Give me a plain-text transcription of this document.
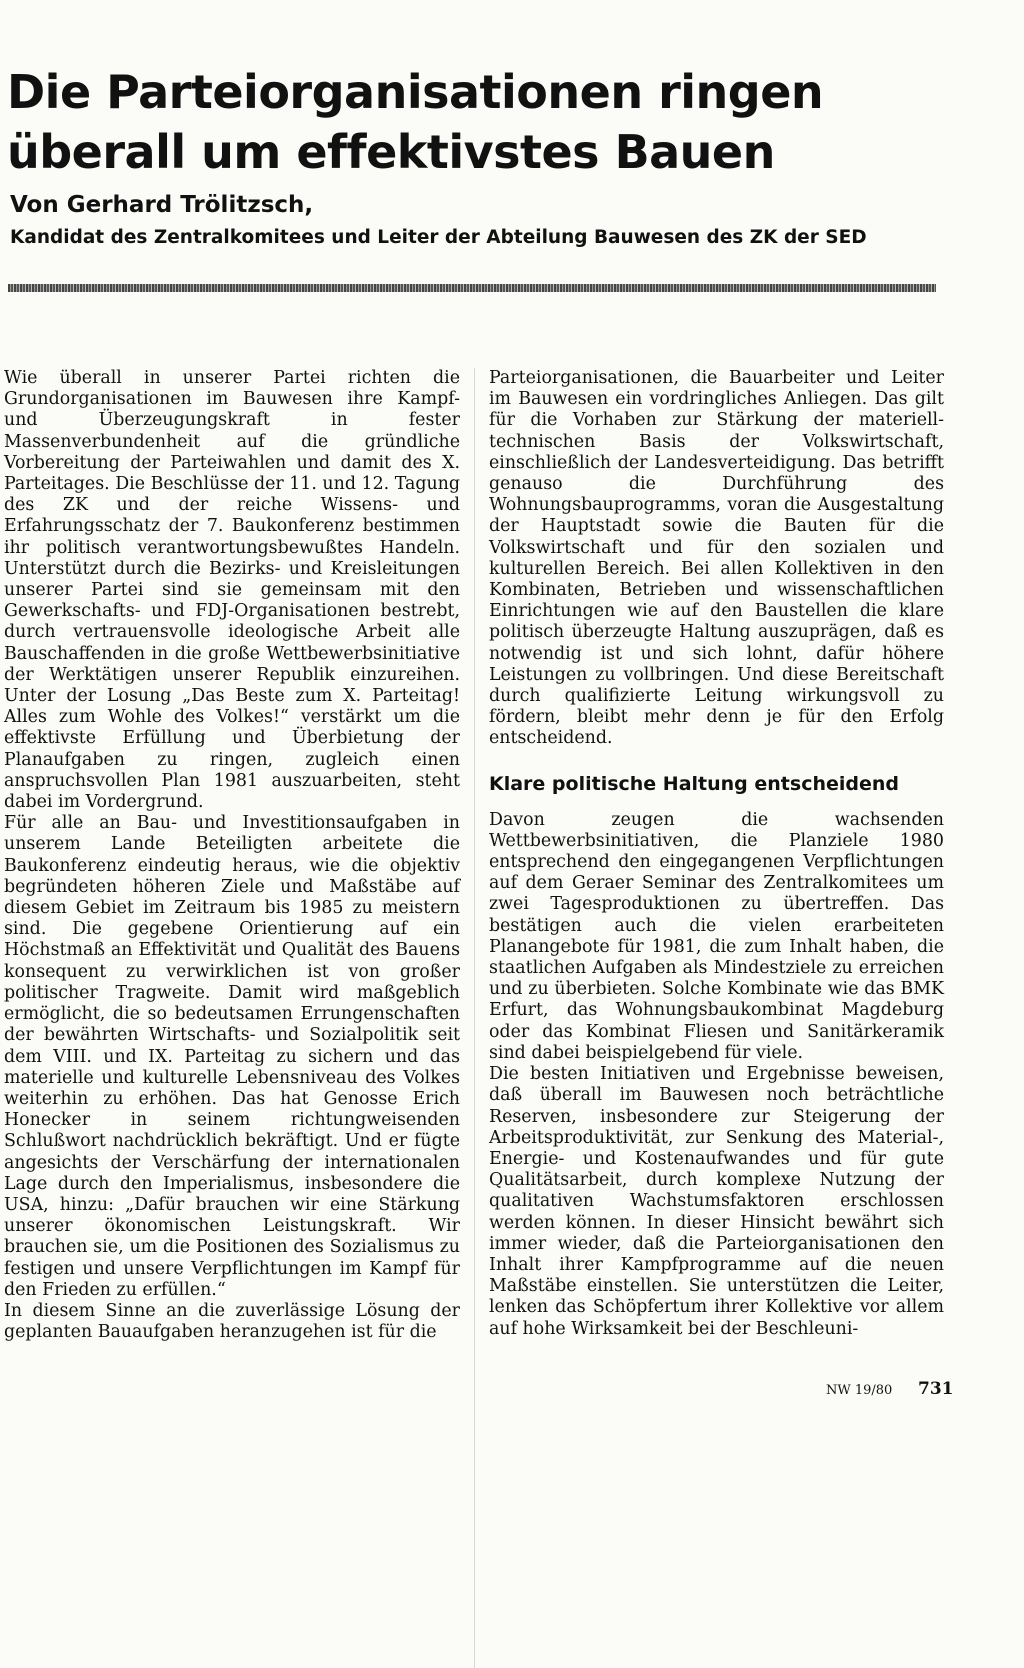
Die Parteiorganisationen ringen
überall um effektivstes Bauen
Von Gerhard Trölitzsch,
Kandidat des Zentralkomitees und Leiter der Abteilung Bauwesen des ZK der SED

Wie überall in unserer Partei richten die Grundorganisationen im Bauwesen ihre Kampf- und Überzeugungskraft in fester Massenverbundenheit auf die gründliche Vorbereitung der Parteiwahlen und damit des X. Parteitages. Die Beschlüsse der 11. und 12. Tagung des ZK und der reiche Wissens- und Erfahrungsschatz der 7. Baukonferenz bestimmen ihr politisch verantwortungsbewußtes Handeln. Unterstützt durch die Bezirks- und Kreisleitungen unserer Partei sind sie gemeinsam mit den Gewerkschafts- und FDJ-Organisationen bestrebt, durch vertrauensvolle ideologische Arbeit alle Bauschaffenden in die große Wettbewerbsinitiative der Werktätigen unserer Republik einzureihen. Unter der Losung „Das Beste zum X. Parteitag! Alles zum Wohle des Volkes!“ verstärkt um die effektivste Erfüllung und Überbietung der Planaufgaben zu ringen, zugleich einen anspruchsvollen Plan 1981 auszuarbeiten, steht dabei im Vordergrund.

Für alle an Bau- und Investitionsaufgaben in unserem Lande Beteiligten arbeitete die Baukonferenz eindeutig heraus, wie die objektiv begründeten höheren Ziele und Maßstäbe auf diesem Gebiet im Zeitraum bis 1985 zu meistern sind. Die gegebene Orientierung auf ein Höchstmaß an Effektivität und Qualität des Bauens konsequent zu verwirklichen ist von großer politischer Tragweite. Damit wird maßgeblich ermöglicht, die so bedeutsamen Errungenschaften der bewährten Wirtschafts- und Sozialpolitik seit dem VIII. und IX. Parteitag zu sichern und das materielle und kulturelle Lebensniveau des Volkes weiterhin zu erhöhen. Das hat Genosse Erich Honecker in seinem richtungweisenden Schlußwort nachdrücklich bekräftigt. Und er fügte angesichts der Verschärfung der internationalen Lage durch den Imperialismus, insbesondere die USA, hinzu: „Dafür brauchen wir eine Stärkung unserer ökonomischen Leistungskraft. Wir brauchen sie, um die Positionen des Sozialismus zu festigen und unsere Verpflichtungen im Kampf für den Frieden zu erfüllen.“

In diesem Sinne an die zuverlässige Lösung der geplanten Bauaufgaben heranzugehen ist für die

Parteiorganisationen, die Bauarbeiter und Leiter im Bauwesen ein vordringliches Anliegen. Das gilt für die Vorhaben zur Stärkung der materiell-technischen Basis der Volkswirtschaft, einschließlich der Landesverteidigung. Das betrifft genauso die Durchführung des Wohnungsbauprogramms, voran die Ausgestaltung der Hauptstadt sowie die Bauten für die Volkswirtschaft und für den sozialen und kulturellen Bereich. Bei allen Kollektiven in den Kombinaten, Betrieben und wissenschaftlichen Einrichtungen wie auf den Baustellen die klare politisch überzeugte Haltung auszuprägen, daß es notwendig ist und sich lohnt, dafür höhere Leistungen zu vollbringen. Und diese Bereitschaft durch qualifizierte Leitung wirkungsvoll zu fördern, bleibt mehr denn je für den Erfolg entscheidend.

Klare politische Haltung entscheidend

Davon zeugen die wachsenden Wettbewerbsinitiativen, die Planziele 1980 entsprechend den eingegangenen Verpflichtungen auf dem Geraer Seminar des Zentralkomitees um zwei Tagesproduktionen zu übertreffen. Das bestätigen auch die vielen erarbeiteten Planangebote für 1981, die zum Inhalt haben, die staatlichen Aufgaben als Mindestziele zu erreichen und zu überbieten. Solche Kombinate wie das BMK Erfurt, das Wohnungsbaukombinat Magdeburg oder das Kombinat Fliesen und Sanitärkeramik sind dabei beispielgebend für viele.

Die besten Initiativen und Ergebnisse beweisen, daß überall im Bauwesen noch beträchtliche Reserven, insbesondere zur Steigerung der Arbeitsproduktivität, zur Senkung des Material-, Energie- und Kostenaufwandes und für gute Qualitätsarbeit, durch komplexe Nutzung der qualitativen Wachstumsfaktoren erschlossen werden können. In dieser Hinsicht bewährt sich immer wieder, daß die Parteiorganisationen den Inhalt ihrer Kampfprogramme auf die neuen Maßstäbe einstellen. Sie unterstützen die Leiter, lenken das Schöpfertum ihrer Kollektive vor allem auf hohe Wirksamkeit bei der Beschleuni-

NW 19/80 731
